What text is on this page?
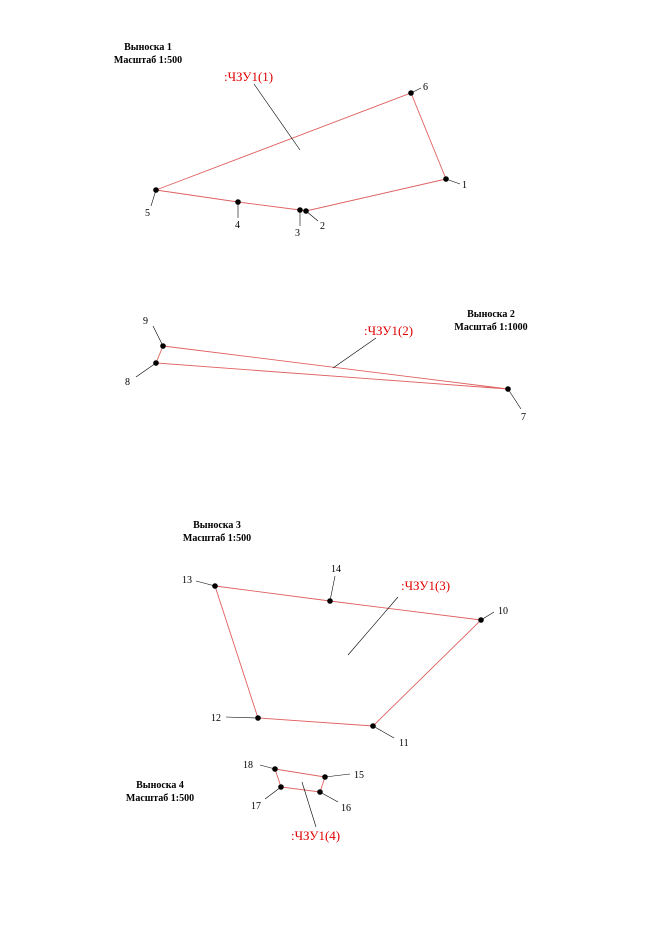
Выноска 1
Масштаб 1:500
:ЧЗУ1(1)
6
1
2
3
4
5
Выноска 2
Масштаб 1:1000
:ЧЗУ1(2)
9
8
7
Выноска 3
Масштаб 1:500
:ЧЗУ1(3)
13
14
10
11
12
Выноска 4
Масштаб 1:500
:ЧЗУ1(4)
18
15
16
17
